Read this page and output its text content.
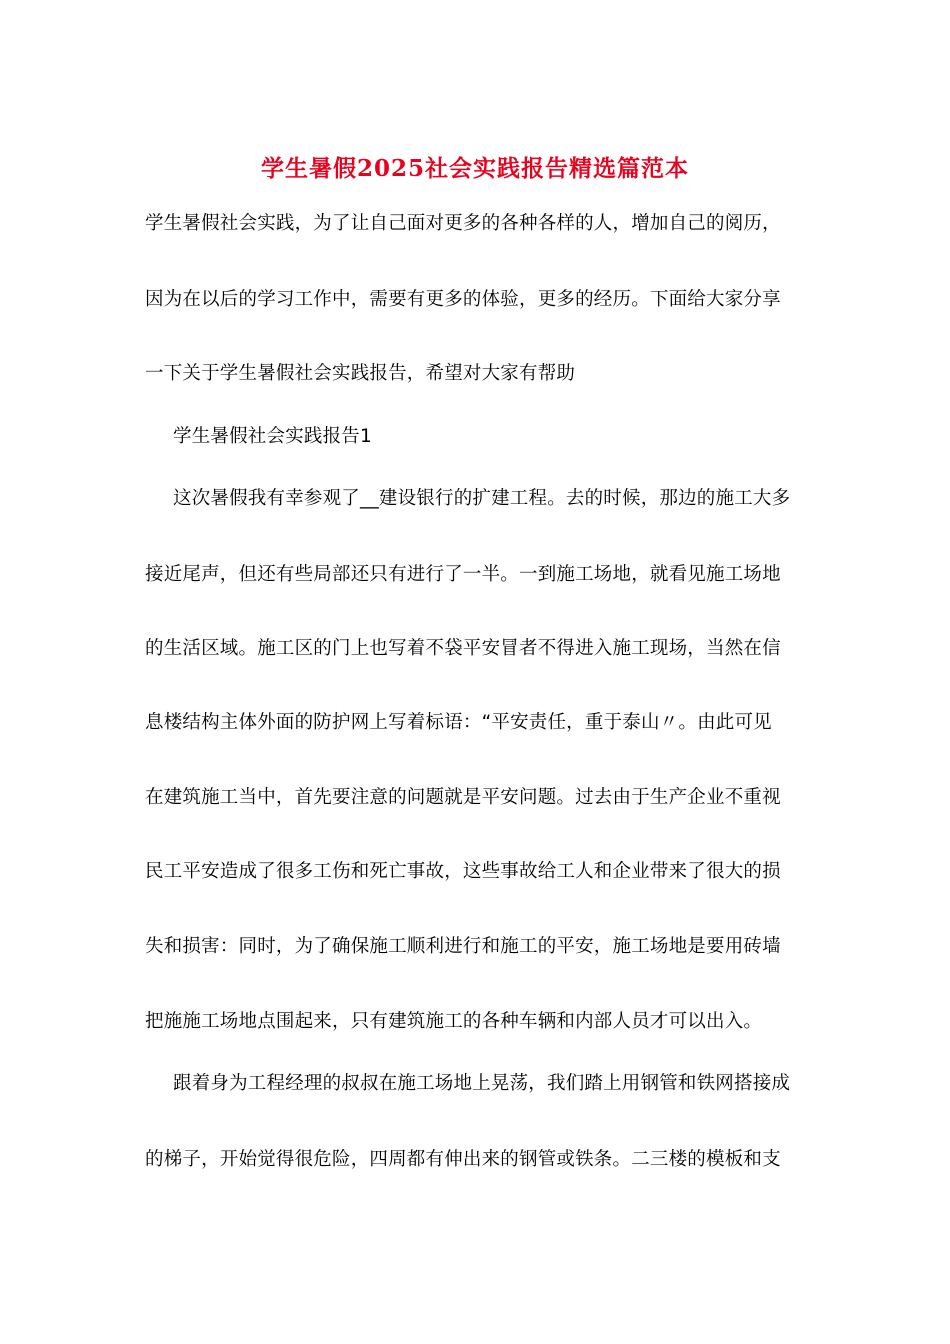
学生暑假2025社会实践报告精选篇范本
学生暑假社会实践，为了让自己面对更多的各种各样的人，增加自己的阅历，
因为在以后的学习工作中，需要有更多的体验，更多的经历。下面给大家分享
一下关于学生暑假社会实践报告，希望对大家有帮助
学生暑假社会实践报告1
这次暑假我有幸参观了__建设银行的扩建工程。去的时候，那边的施工大多
接近尾声，但还有些局部还只有进行了一半。一到施工场地，就看见施工场地
的生活区域。施工区的门上也写着不袋平安冒者不得进入施工现场，当然在信
息楼结构主体外面的防护网上写着标语：“平安责任，重于泰山〃。由此可见
在建筑施工当中，首先要注意的问题就是平安问题。过去由于生产企业不重视
民工平安造成了很多工伤和死亡事故，这些事故给工人和企业带来了很大的损
失和损害：同时，为了确保施工顺利进行和施工的平安，施工场地是要用砖墙
把施施工场地点围起来，只有建筑施工的各种车辆和内部人员才可以出入。
跟着身为工程经理的叔叔在施工场地上晃荡，我们踏上用钢管和铁网搭接成
的梯子，开始觉得很危险，四周都有伸出来的钢管或铁条。二三楼的模板和支
